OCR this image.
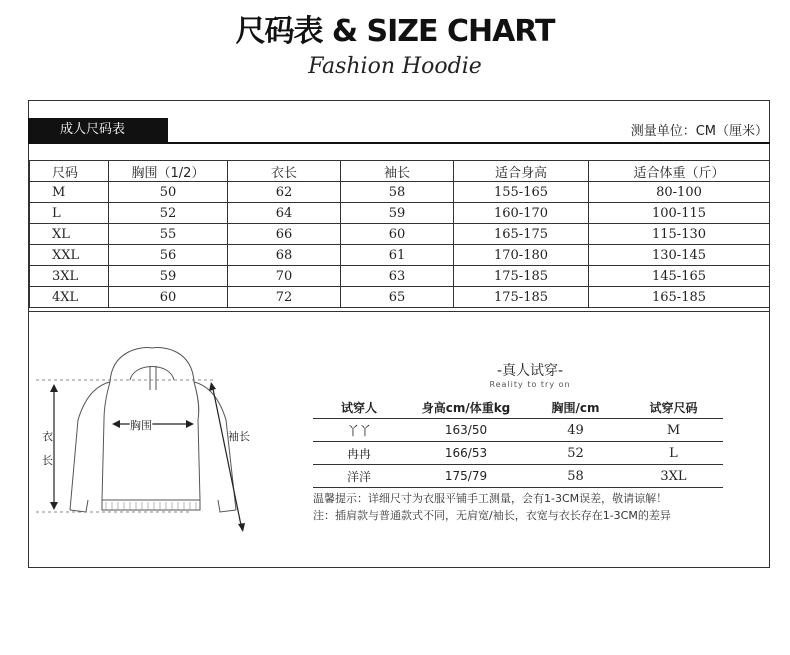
尺码表 & SIZE CHART
Fashion Hoodie
成人尺码表	测量单位：CM（厘米）
尺码	胸围（1/2）	衣长	袖长	适合身高	适合体重（斤）
M	50	62	58	155-165	80-100
L	52	64	59	160-170	100-115
XL	55	66	60	165-175	115-130
XXL	56	68	61	170-180	130-145
3XL	59	70	63	175-185	145-165
4XL	60	72	65	175-185	165-185
衣
长
胸围
袖长
-真人试穿-
Reality to try on
试穿人	身高cm/体重kg	胸围/cm	试穿尺码
丫丫	163/50	49	M
冉冉	166/53	52	L
洋洋	175/79	58	3XL
温馨提示：详细尺寸为衣服平铺手工测量，会有1-3CM误差，敬请谅解！
注：插肩款与普通款式不同，无肩宽/袖长，衣宽与衣长存在1-3CM的差异
